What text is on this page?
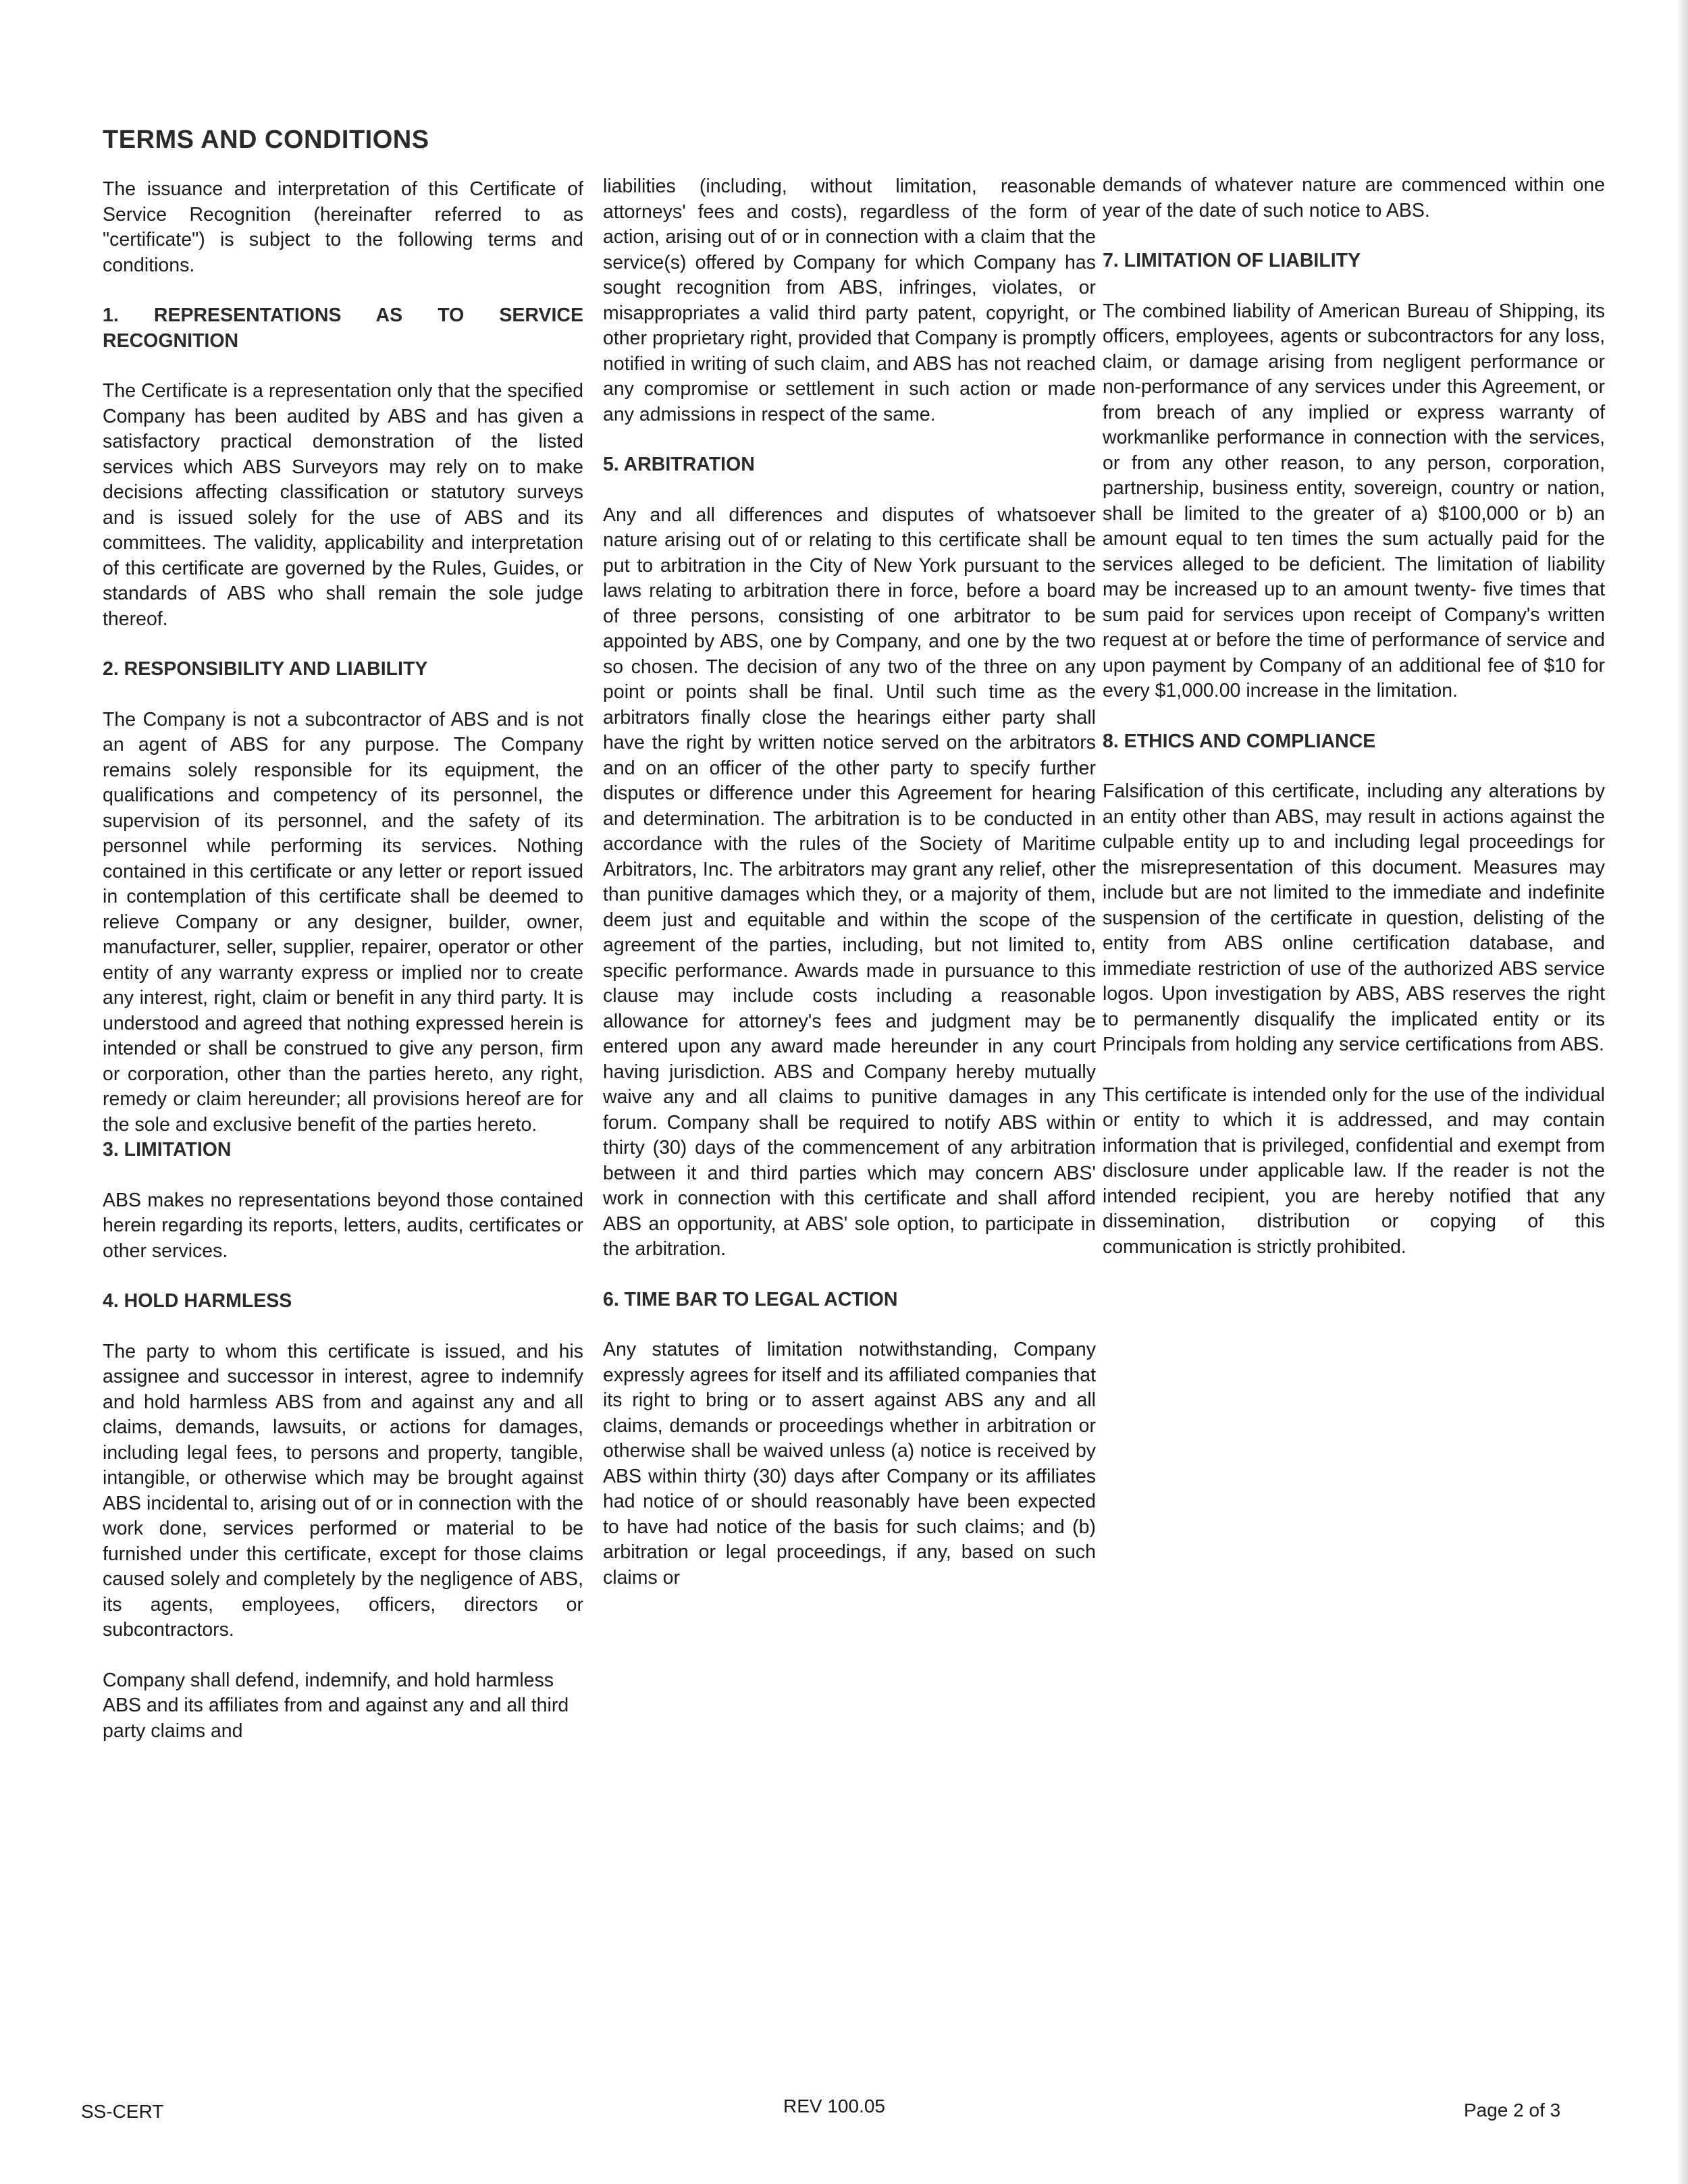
TERMS AND CONDITIONS

The issuance and interpretation of this Certificate of Service Recognition (hereinafter referred to as "certificate") is subject to the following terms and conditions.

1. REPRESENTATIONS AS TO SERVICE RECOGNITION

The Certificate is a representation only that the specified Company has been audited by ABS and has given a satisfactory practical demonstration of the listed services which ABS Surveyors may rely on to make decisions affecting classification or statutory surveys and is issued solely for the use of ABS and its committees. The validity, applicability and interpretation of this certificate are governed by the Rules, Guides, or standards of ABS who shall remain the sole judge thereof.

2. RESPONSIBILITY AND LIABILITY

The Company is not a subcontractor of ABS and is not an agent of ABS for any purpose. The Company remains solely responsible for its equipment, the qualifications and competency of its personnel, the supervision of its personnel, and the safety of its personnel while performing its services. Nothing contained in this certificate or any letter or report issued in contemplation of this certificate shall be deemed to relieve Company or any designer, builder, owner, manufacturer, seller, supplier, repairer, operator or other entity of any warranty express or implied nor to create any interest, right, claim or benefit in any third party. It is understood and agreed that nothing expressed herein is intended or shall be construed to give any person, firm or corporation, other than the parties hereto, any right, remedy or claim hereunder; all provisions hereof are for the sole and exclusive benefit of the parties hereto.

3. LIMITATION

ABS makes no representations beyond those contained herein regarding its reports, letters, audits, certificates or other services.

4. HOLD HARMLESS

The party to whom this certificate is issued, and his assignee and successor in interest, agree to indemnify and hold harmless ABS from and against any and all claims, demands, lawsuits, or actions for damages, including legal fees, to persons and property, tangible, intangible, or otherwise which may be brought against ABS incidental to, arising out of or in connection with the work done, services performed or material to be furnished under this certificate, except for those claims caused solely and completely by the negligence of ABS, its agents, employees, officers, directors or subcontractors.

Company shall defend, indemnify, and hold harmless ABS and its affiliates from and against any and all third party claims and

liabilities (including, without limitation, reasonable attorneys' fees and costs), regardless of the form of action, arising out of or in connection with a claim that the service(s) offered by Company for which Company has sought recognition from ABS, infringes, violates, or misappropriates a valid third party patent, copyright, or other proprietary right, provided that Company is promptly notified in writing of such claim, and ABS has not reached any compromise or settlement in such action or made any admissions in respect of the same.

5. ARBITRATION

Any and all differences and disputes of whatsoever nature arising out of or relating to this certificate shall be put to arbitration in the City of New York pursuant to the laws relating to arbitration there in force, before a board of three persons, consisting of one arbitrator to be appointed by ABS, one by Company, and one by the two so chosen. The decision of any two of the three on any point or points shall be final. Until such time as the arbitrators finally close the hearings either party shall have the right by written notice served on the arbitrators and on an officer of the other party to specify further disputes or difference under this Agreement for hearing and determination. The arbitration is to be conducted in accordance with the rules of the Society of Maritime Arbitrators, Inc. The arbitrators may grant any relief, other than punitive damages which they, or a majority of them, deem just and equitable and within the scope of the agreement of the parties, including, but not limited to, specific performance. Awards made in pursuance to this clause may include costs including a reasonable allowance for attorney's fees and judgment may be entered upon any award made hereunder in any court having jurisdiction. ABS and Company hereby mutually waive any and all claims to punitive damages in any forum. Company shall be required to notify ABS within thirty (30) days of the commencement of any arbitration between it and third parties which may concern ABS' work in connection with this certificate and shall afford ABS an opportunity, at ABS' sole option, to participate in the arbitration.

6. TIME BAR TO LEGAL ACTION

Any statutes of limitation notwithstanding, Company expressly agrees for itself and its affiliated companies that its right to bring or to assert against ABS any and all claims, demands or proceedings whether in arbitration or otherwise shall be waived unless (a) notice is received by ABS within thirty (30) days after Company or its affiliates had notice of or should reasonably have been expected to have had notice of the basis for such claims; and (b) arbitration or legal proceedings, if any, based on such claims or

demands of whatever nature are commenced within one year of the date of such notice to ABS.

7. LIMITATION OF LIABILITY

The combined liability of American Bureau of Shipping, its officers, employees, agents or subcontractors for any loss, claim, or damage arising from negligent performance or non-performance of any services under this Agreement, or from breach of any implied or express warranty of workmanlike performance in connection with the services, or from any other reason, to any person, corporation, partnership, business entity, sovereign, country or nation, shall be limited to the greater of a) $100,000 or b) an amount equal to ten times the sum actually paid for the services alleged to be deficient. The limitation of liability may be increased up to an amount twenty- five times that sum paid for services upon receipt of Company's written request at or before the time of performance of service and upon payment by Company of an additional fee of $10 for every $1,000.00 increase in the limitation.

8. ETHICS AND COMPLIANCE

Falsification of this certificate, including any alterations by an entity other than ABS, may result in actions against the culpable entity up to and including legal proceedings for the misrepresentation of this document. Measures may include but are not limited to the immediate and indefinite suspension of the certificate in question, delisting of the entity from ABS online certification database, and immediate restriction of use of the authorized ABS service logos. Upon investigation by ABS, ABS reserves the right to permanently disqualify the implicated entity or its Principals from holding any service certifications from ABS.

This certificate is intended only for the use of the individual or entity to which it is addressed, and may contain information that is privileged, confidential and exempt from disclosure under applicable law. If the reader is not the intended recipient, you are hereby notified that any dissemination, distribution or copying of this communication is strictly prohibited.

SS-CERT	REV 100.05	Page 2 of 3
